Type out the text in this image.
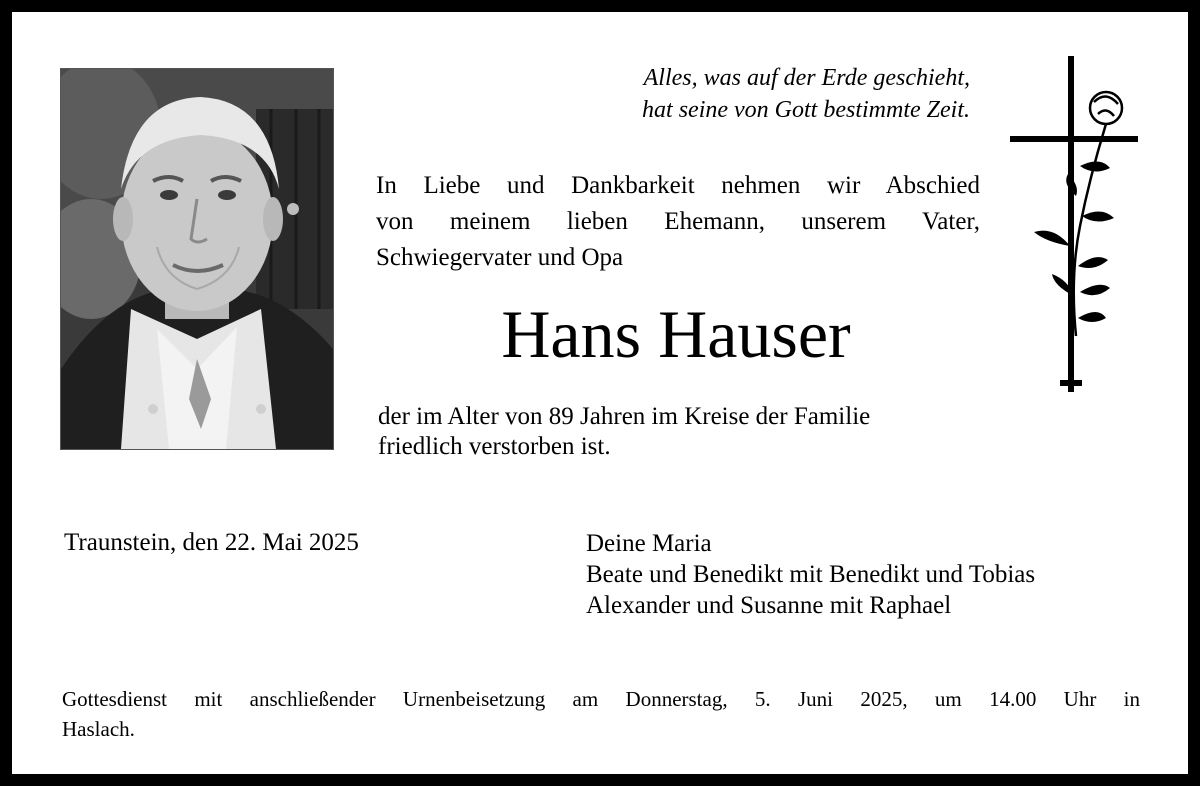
Alles, was auf der Erde geschieht,
hat seine von Gott bestimmte Zeit.
In Liebe und Dankbarkeit nehmen wir Abschied
von meinem lieben Ehemann, unserem Vater,
Schwiegervater und Opa
Hans Hauser
der im Alter von 89 Jahren im Kreise der Familie
friedlich verstorben ist.
Traunstein, den 22. Mai 2025	Deine Maria
Beate und Benedikt mit Benedikt und Tobias
Alexander und Susanne mit Raphael
Gottesdienst mit anschließender Urnenbeisetzung am Donnerstag, 5. Juni 2025, um 14.00 Uhr in
Haslach.
